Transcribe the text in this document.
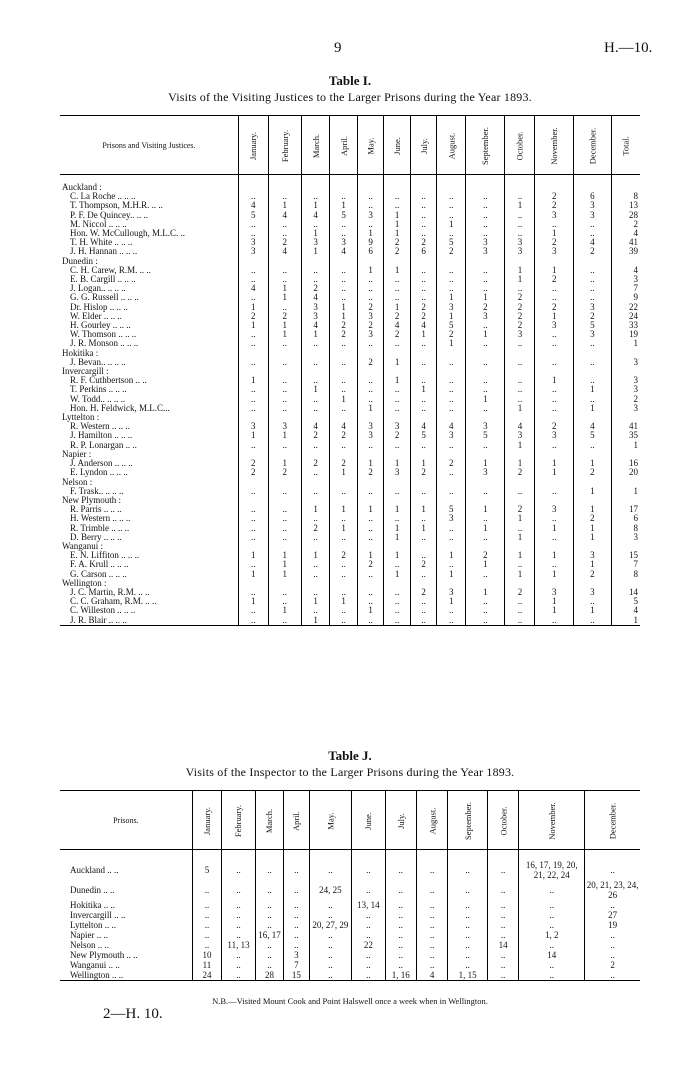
9	H.—10.
Table I.
Visits of the Visiting Justices to the Larger Prisons during the Year 1893.
Prisons and Visiting Justices.	January.	February.	March.	April.	May.	June.	July.	August.	September.	October.	November.	December.	Total.

Auckland :													
C. La Roche .. .. ..	..	..	..	..	..	..	..	..	..	..	2	6	8
T. Thompson, M.H.R. .. ..	4	1	1	1	..	..	..	..	..	1	2	3	13
P. F. De Quincey.. .. ..	5	4	4	5	3	1	..	..	..	..	3	3	28
M. Niccol .. .. ..	..	..	..	..	..	1	..	1	..	..	..	..	2
Hon. W. McCullough, M.L.C. ..	..	..	1	..	1	1	..	..	..	..	1	..	4
T. H. White .. .. ..	3	2	3	3	9	2	2	5	3	3	2	4	41
J. H. Hannan .. .. ..	3	4	1	4	6	2	6	2	3	3	3	2	39
Dunedin :													
C. H. Carew, R.M. .. ..	..	..	..	..	1	1	..	..	..	1	1	..	4
E. B. Cargill .. .. ..	..	..	..	..	..	..	..	..	..	1	2	..	3
J. Logan.. .. .. ..	4	1	2	..	..	..	..	..	..	..	..	..	7
G. G. Russell .. .. ..	..	1	4	..	..	..	..	1	1	2	..	..	9
Dr. Hislop .. .. ..	1	..	3	1	2	1	2	3	2	2	2	3	22
W. Elder .. .. ..	2	2	3	1	3	2	2	1	3	2	1	2	24
H. Gourley .. .. ..	1	1	4	2	2	4	4	5	..	2	3	5	33
W. Thomson .. .. ..	..	1	1	2	3	2	1	2	1	3	..	3	19
J. R. Monson .. .. ..	..	..	..	..	..	..	..	1	..	..	..	..	1
Hokitika :													
J. Bevan.. .. .. ..	..	..	..	..	2	1	..	..	..	..	..	..	3
Invercargill :													
R. F. Cuthbertson .. ..	1	..	..	..	..	1	..	..	..	..	1	..	3
T. Perkins .. .. ..	..	..	1	..	..	..	1	..	..	..	..	1	3
W. Todd.. .. .. ..	..	..	..	1	..	..	..	..	1	..	..	..	2
Hon. H. Feldwick, M.L.C...	..	..	..	..	1	..	..	..	..	1	..	1	3
Lyttelton :													
R. Western .. .. ..	3	3	4	4	3	3	4	4	3	4	2	4	41
J. Hamilton .. .. ..	1	1	2	2	3	2	5	3	5	3	3	5	35
R. P. Lonargan .. ..	..	..	..	..	..	..	..	..	..	1	..	..	1
Napier :													
J. Anderson .. .. ..	2	1	2	2	1	1	1	2	1	1	1	1	16
E. Lyndon .. .. ..	2	2	..	1	2	3	2	..	3	2	1	2	20
Nelson :													
F. Trask.. .. .. ..	..	..	..	..	..	..	..	..	..	..	..	1	1
New Plymouth :													
R. Parris .. .. ..	..	..	1	1	1	1	1	5	1	2	3	1	17
H. Western .. .. ..	..	..	..	..	..	..	..	3	..	1	..	2	6
R. Trimble .. .. ..	..	..	2	1	..	1	1	..	1	..	1	1	8
D. Berry .. .. ..	..	..	..	..	..	1	..	..	..	1	..	1	3
Wanganui :													
E. N. Liffiton .. .. ..	1	1	1	2	1	1	..	1	2	1	1	3	15
F. A. Krull .. .. ..	..	1	..	..	2	..	2	..	1	..	..	1	7
G. Carson .. .. ..	1	1	..	..	..	1	..	1	..	1	1	2	8
Wellington :													
J. C. Martin, R.M. .. ..	..	..	..	..	..	..	2	3	1	2	3	3	14
C. C. Graham, R.M. .. ..	1	..	1	1	..	..	..	1	..	..	1	..	5
C. Willeston .. .. ..	..	1	..	..	1	..	..	..	..	..	1	1	4
J. R. Blair .. .. ..	..	..	1	..	..	..	..	..	..	..	..	..	1
Table J.
Visits of the Inspector to the Larger Prisons during the Year 1893.
Prisons.	January.	February.	March.	April.	May.	June.	July.	August.	September.	October.	November.	December.

Auckland .. ..	5	..	..	..	..	..	..	..	..	..	16, 17, 19, 20, 21, 22, 24	..
Dunedin .. ..	..	..	..	..	24, 25	..	..	..	..	..	..	20, 21, 23, 24, 26
Hokitika .. ..	..	..	..	..	..	13, 14	..	..	..	..	..	..
Invercargill .. ..	..	..	..	..	..	..	..	..	..	..	..	27
Lyttelton .. ..	..	..	..	..	20, 27, 29	..	..	..	..	..	..	19
Napier .. ..	..	..	16, 17	..	..	..	..	..	..	..	1, 2	..
Nelson .. ..	..	11, 13	..	..	..	22	..	..	..	14	..	..
New Plymouth .. ..	10	..	..	3	..	..	..	..	..	..	14	..
Wanganui .. ..	11	..	..	7	..	..	..	..	..	..	..	2
Wellington .. ..	24	..	28	15	..	..	1, 16	4	1, 15	..	..	..
N.B.—Visited Mount Cook and Point Halswell once a week when in Wellington.
2—H. 10.
